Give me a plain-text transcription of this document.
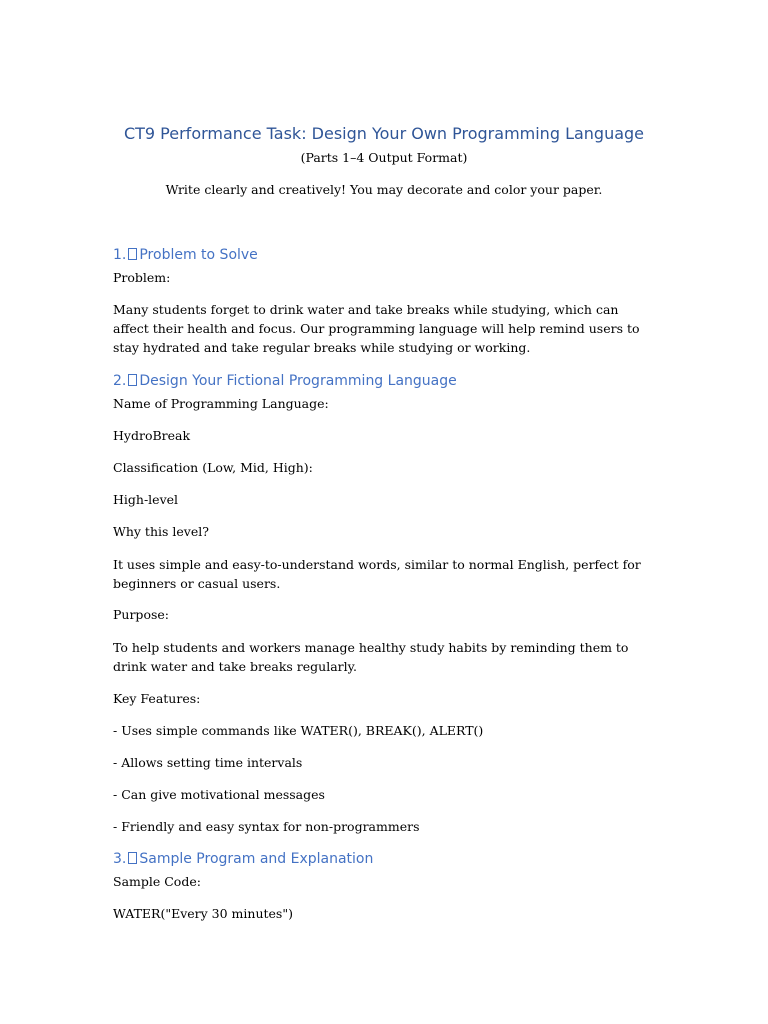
CT9 Performance Task: Design Your Own Programming Language
(Parts 1–4 Output Format)
Write clearly and creatively! You may decorate and color your paper.
1. Problem to Solve
Problem:
Many students forget to drink water and take breaks while studying, which can affect their health and focus. Our programming language will help remind users to stay hydrated and take regular breaks while studying or working.
2. Design Your Fictional Programming Language
Name of Programming Language:
HydroBreak
Classification (Low, Mid, High):
High-level
Why this level?
It uses simple and easy-to-understand words, similar to normal English, perfect for beginners or casual users.
Purpose:
To help students and workers manage healthy study habits by reminding them to drink water and take breaks regularly.
Key Features:
- Uses simple commands like WATER(), BREAK(), ALERT()
- Allows setting time intervals
- Can give motivational messages
- Friendly and easy syntax for non-programmers
3. Sample Program and Explanation
Sample Code:
WATER("Every 30 minutes")
